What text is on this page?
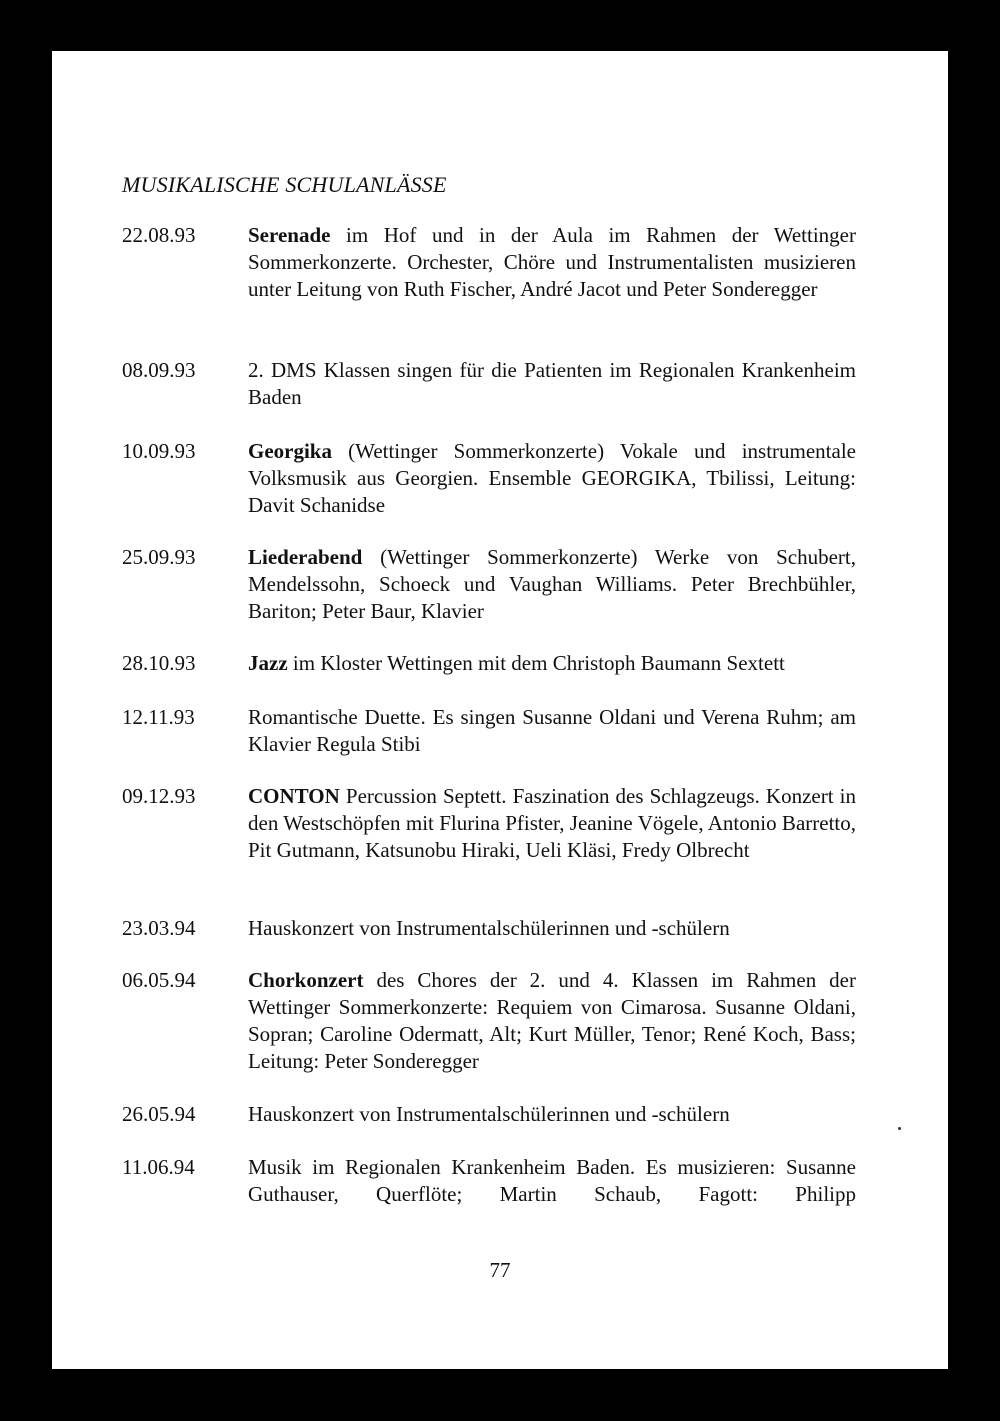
MUSIKALISCHE SCHULANLÄSSE
22.08.93	Serenade im Hof und in der Aula im Rahmen der Wettinger Sommerkonzerte. Orchester, Chöre und Instrumentalisten musizieren unter Leitung von Ruth Fischer, André Jacot und Peter Sonderegger
08.09.93	2. DMS Klassen singen für die Patienten im Regionalen Krankenheim Baden
10.09.93	Georgika (Wettinger Sommerkonzerte) Vokale und instrumentale Volksmusik aus Georgien. Ensemble GEORGIKA, Tbilissi, Leitung: Davit Schanidse
25.09.93	Liederabend (Wettinger Sommerkonzerte) Werke von Schubert, Mendelssohn, Schoeck und Vaughan Williams. Peter Brechbühler, Bariton; Peter Baur, Klavier
28.10.93	Jazz im Kloster Wettingen mit dem Christoph Baumann Sextett
12.11.93	Romantische Duette. Es singen Susanne Oldani und Verena Ruhm; am Klavier Regula Stibi
09.12.93	CONTON Percussion Septett. Faszination des Schlagzeugs. Konzert in den Westschöpfen mit Flurina Pfister, Jeanine Vögele, Antonio Barretto, Pit Gutmann, Katsunobu Hiraki, Ueli Kläsi, Fredy Olbrecht
23.03.94	Hauskonzert von Instrumentalschülerinnen und -schülern
06.05.94	Chorkonzert des Chores der 2. und 4. Klassen im Rahmen der Wettinger Sommerkonzerte: Requiem von Cimarosa. Susanne Oldani, Sopran; Caroline Odermatt, Alt; Kurt Müller, Tenor; René Koch, Bass; Leitung: Peter Sonderegger
26.05.94	Hauskonzert von Instrumentalschülerinnen und -schülern
11.06.94	Musik im Regionalen Krankenheim Baden. Es musizieren: Susanne Guthauser, Querflöte; Martin Schaub, Fagott: Philipp
77
